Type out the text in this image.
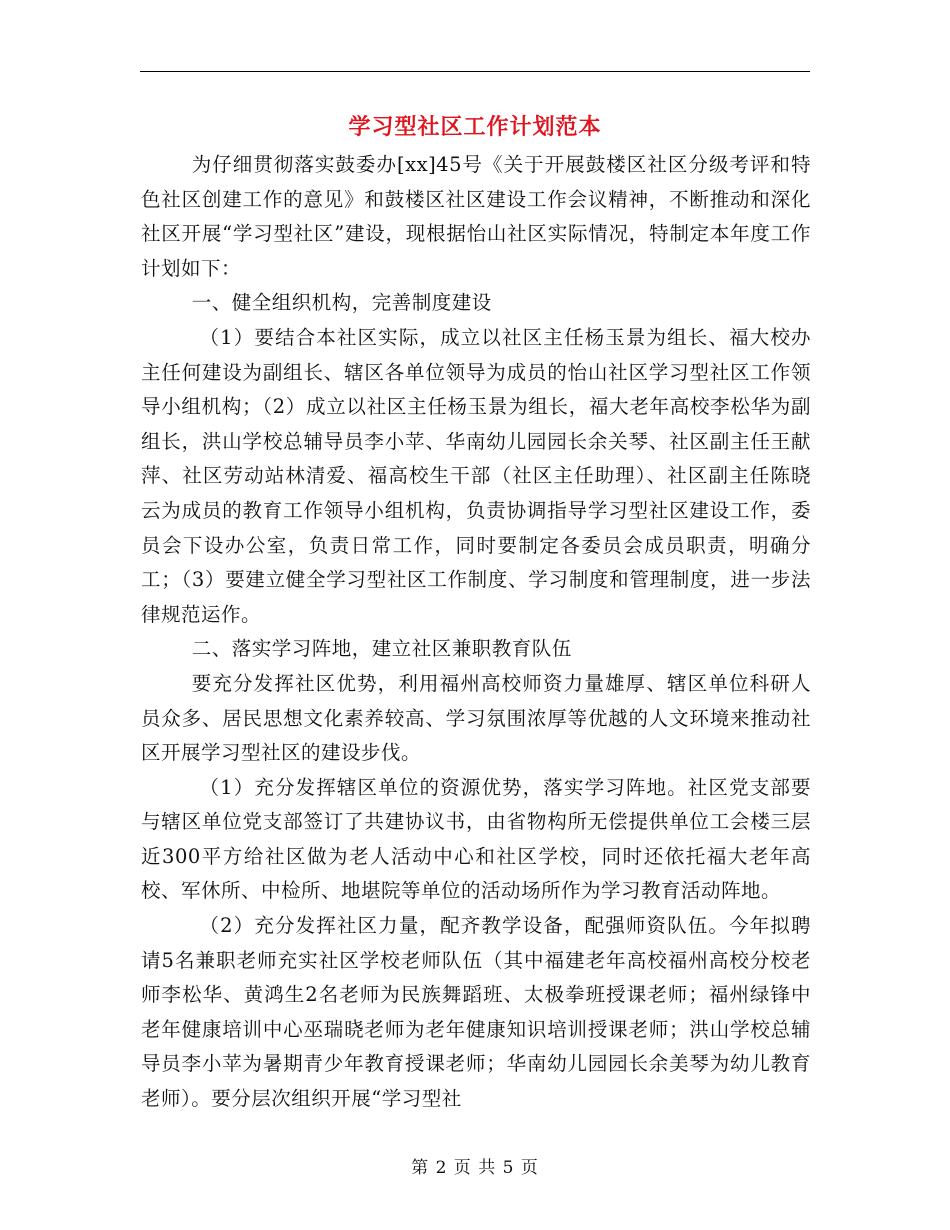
学习型社区工作计划范本

为仔细贯彻落实鼓委办[xx]45号《关于开展鼓楼区社区分级考评和特色社区创建工作的意见》和鼓楼区社区建设工作会议精神，不断推动和深化社区开展“学习型社区”建设，现根据怡山社区实际情况，特制定本年度工作计划如下：

一、健全组织机构，完善制度建设

（1）要结合本社区实际，成立以社区主任杨玉景为组长、福大校办主任何建设为副组长、辖区各单位领导为成员的怡山社区学习型社区工作领导小组机构；（2）成立以社区主任杨玉景为组长，福大老年高校李松华为副组长，洪山学校总辅导员李小苹、华南幼儿园园长余关琴、社区副主任王献萍、社区劳动站林清爱、福高校生干部（社区主任助理）、社区副主任陈晓云为成员的教育工作领导小组机构，负责协调指导学习型社区建设工作，委员会下设办公室，负责日常工作，同时要制定各委员会成员职责，明确分工；（3）要建立健全学习型社区工作制度、学习制度和管理制度，进一步法律规范运作。

二、落实学习阵地，建立社区兼职教育队伍

要充分发挥社区优势，利用福州高校师资力量雄厚、辖区单位科研人员众多、居民思想文化素养较高、学习氛围浓厚等优越的人文环境来推动社区开展学习型社区的建设步伐。

（1）充分发挥辖区单位的资源优势，落实学习阵地。社区党支部要与辖区单位党支部签订了共建协议书，由省物构所无偿提供单位工会楼三层近300平方给社区做为老人活动中心和社区学校，同时还依托福大老年高校、军休所、中检所、地堪院等单位的活动场所作为学习教育活动阵地。

（2）充分发挥社区力量，配齐教学设备，配强师资队伍。今年拟聘请5名兼职老师充实社区学校老师队伍（其中福建老年高校福州高校分校老师李松华、黄鸿生2名老师为民族舞蹈班、太极拳班授课老师；福州绿锋中老年健康培训中心巫瑞晓老师为老年健康知识培训授课老师；洪山学校总辅导员李小苹为暑期青少年教育授课老师；华南幼儿园园长余美琴为幼儿教育老师）。要分层次组织开展“学习型社

第 2 页 共 5 页
